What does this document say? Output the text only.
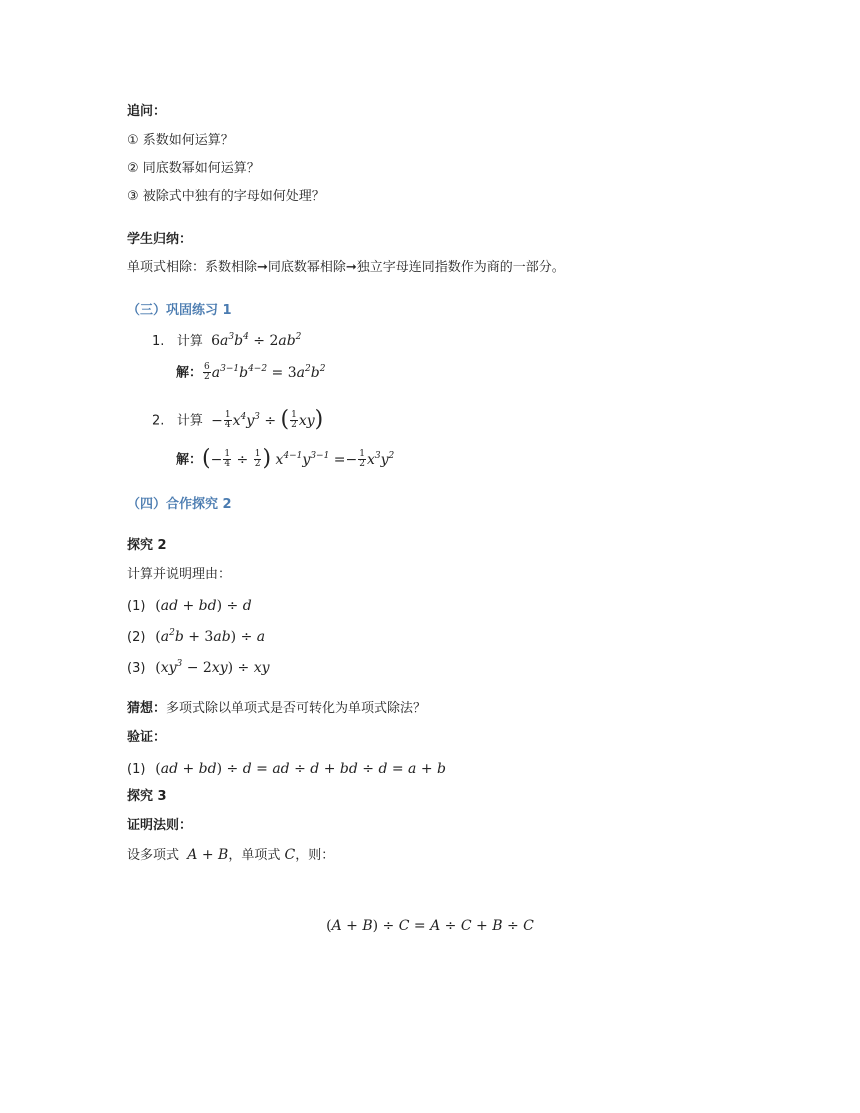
追问：
① 系数如何运算？
② 同底数幂如何运算？
③ 被除式中独有的字母如何处理？
学生归纳：
单项式相除：系数相除➞同底数幂相除➞独立字母连同指数作为商的一部分。
（三）巩固练习 1
1. 计算 $6a^3b^4 \div 2ab^2$
解： $\frac{6}{2} a^{3-1}b^{4-2} = 3a^2b^2$
2. 计算 − $\frac{1}{4} x^4y^3$ ÷ ( $\frac{1}{2} xy$)
解：(− $\frac{1}{4} \div \frac{1}{2}$ ) $x^{4-1}y^{3-1} =- \frac{1}{2} x^3y^2$
（四）合作探究 2
探究 2
计算并说明理由：
(1) (ad + bd) ÷ d
(2) $(a^2b + 3ab) \div a$
(3) $(xy^3 - 2xy)$ ÷ xy
猜想：多项式除以单项式是否可转化为单项式除法？
验证：
(1) (ad + bd) ÷ d = ad ÷ d + bd ÷ d = a + b
探究 3
证明法则：
设多项式 A + B，单项式 C，则：
(A + B) ÷ C = A ÷ C + B ÷ C
